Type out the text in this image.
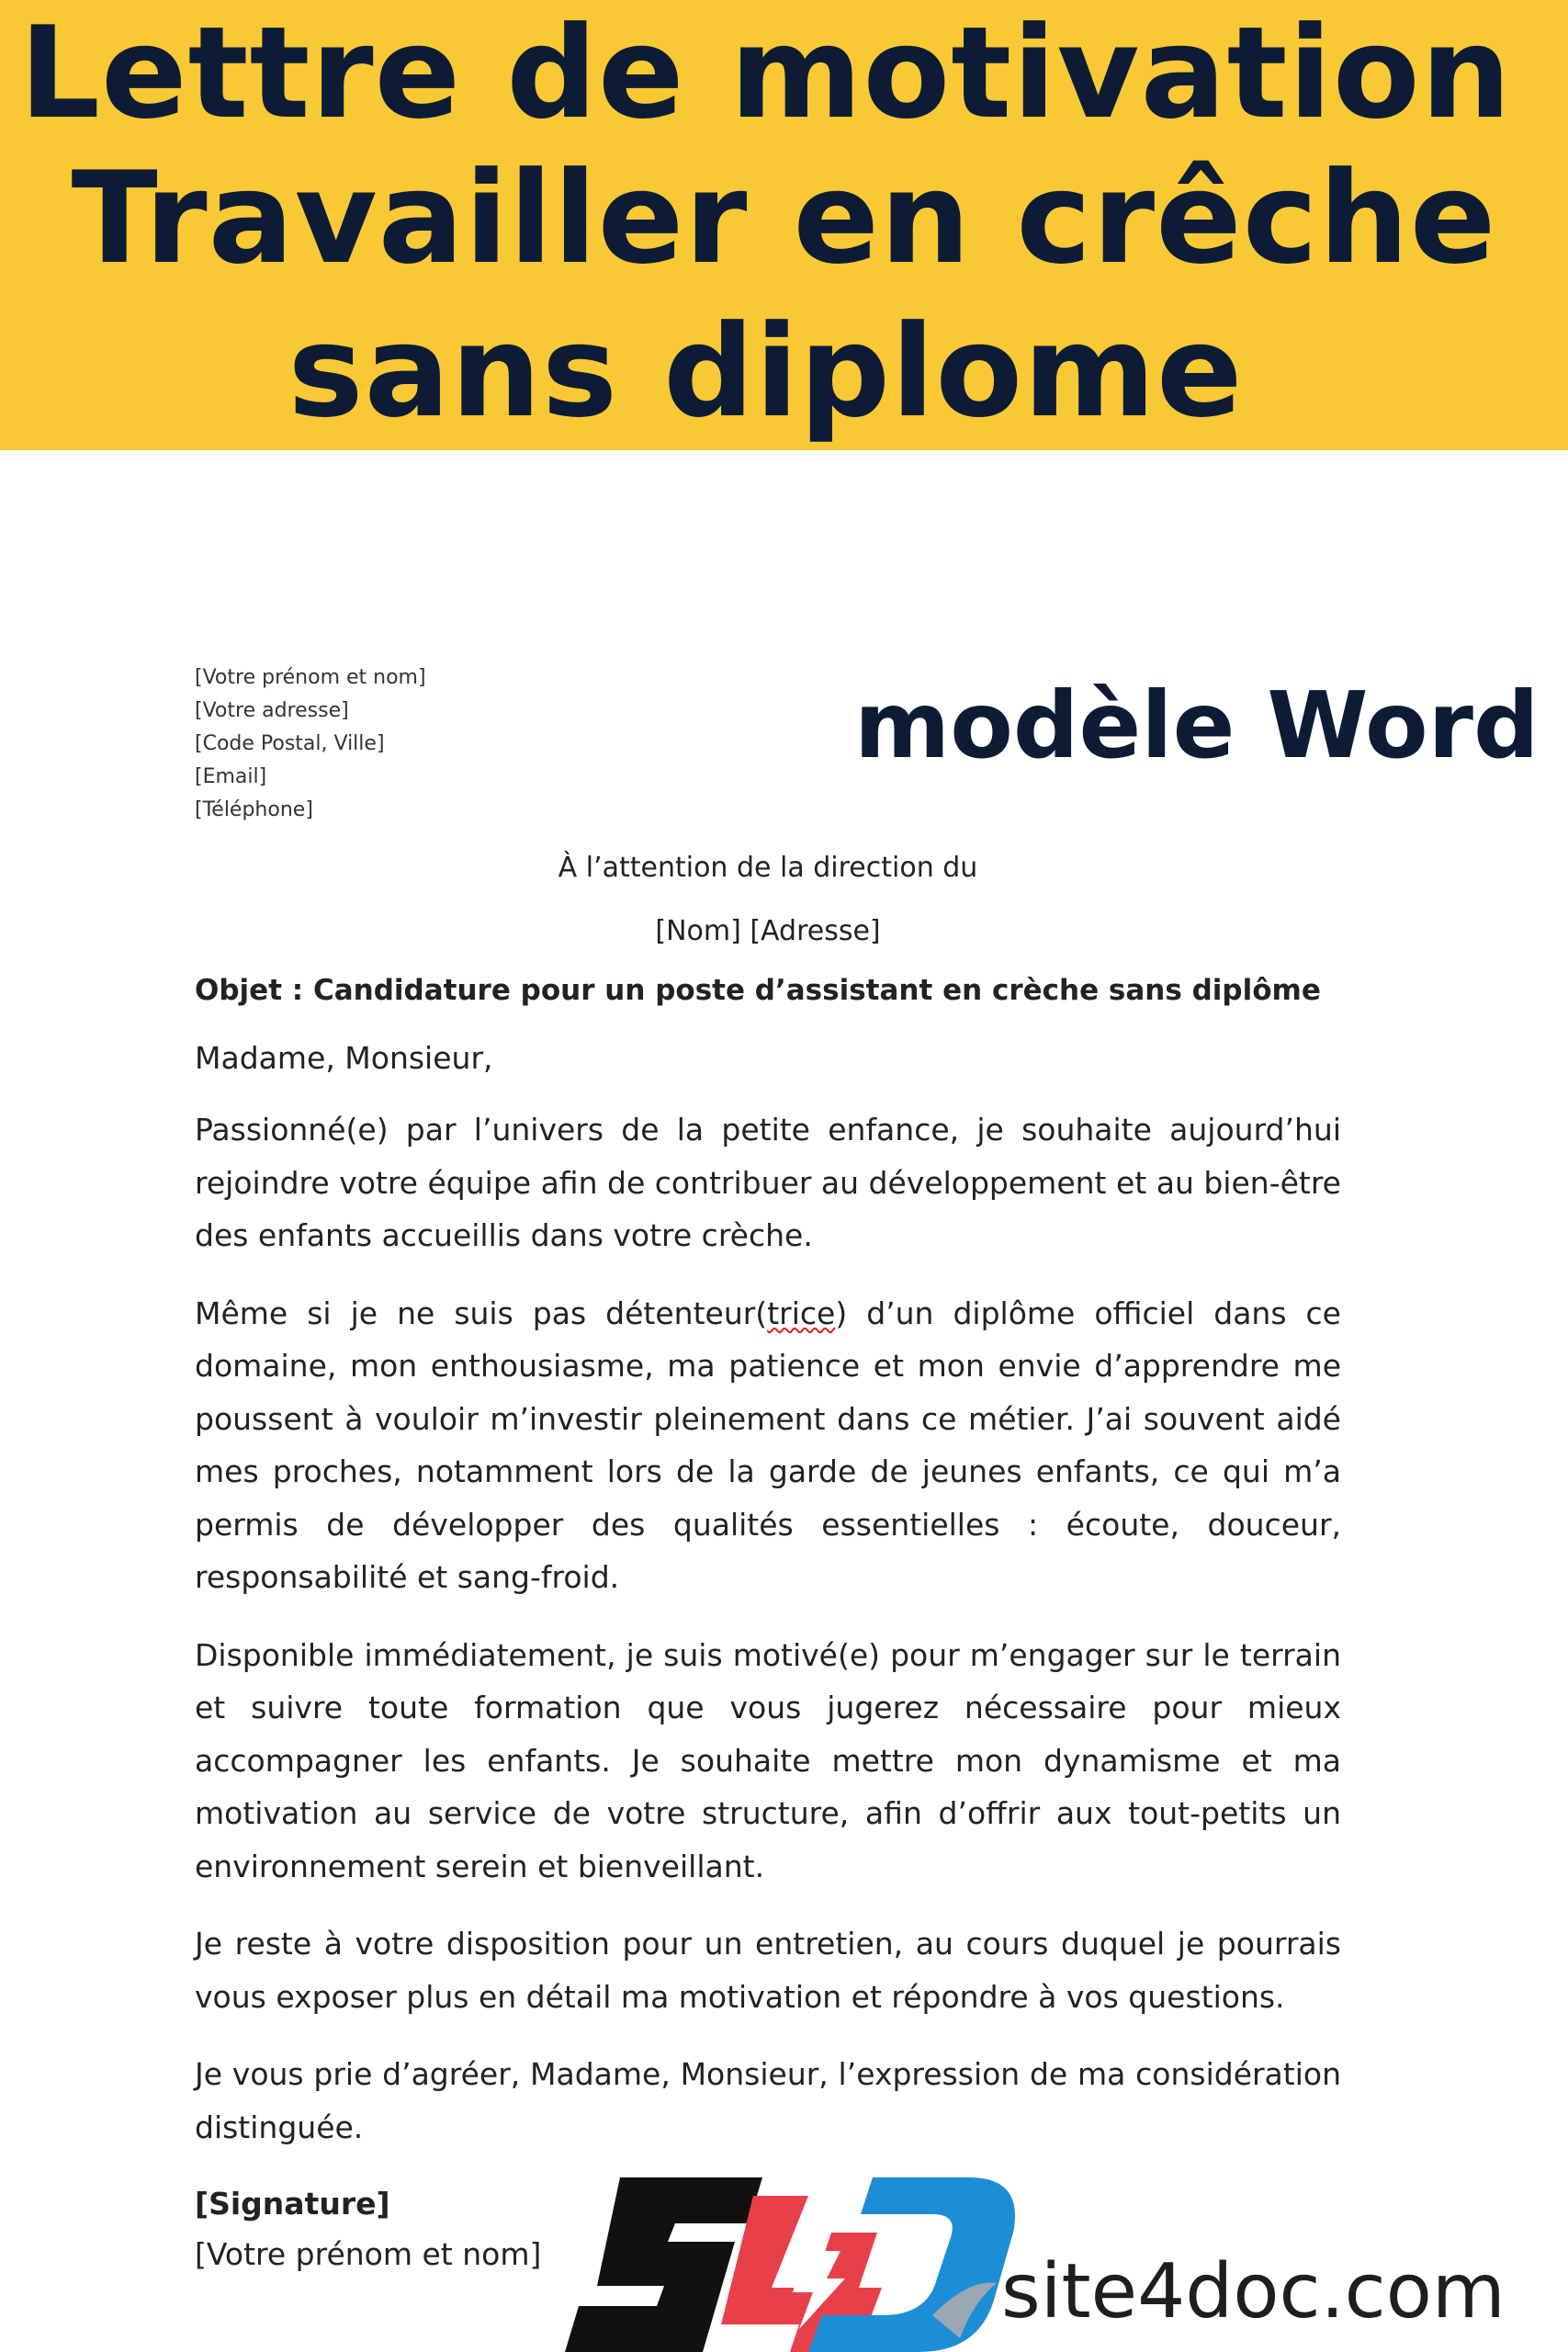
Lettre de motivation
Travailler en crêche
sans diplome
modèle Word
[Votre prénom et nom]
[Votre adresse]
[Code Postal, Ville]
[Email]
[Téléphone]
À l’attention de la direction du
[Nom] [Adresse]
Objet : Candidature pour un poste d’assistant en crèche sans diplôme
Madame, Monsieur,
Passionné(e) par l’univers de la petite enfance, je souhaite aujourd’hui rejoindre votre équipe afin de contribuer au développement et au bien-être des enfants accueillis dans votre crèche.
Même si je ne suis pas détenteur(trice) d’un diplôme officiel dans ce domaine, mon enthousiasme, ma patience et mon envie d’apprendre me poussent à vouloir m’investir pleinement dans ce métier. J’ai souvent aidé mes proches, notamment lors de la garde de jeunes enfants, ce qui m’a permis de développer des qualités essentielles : écoute, douceur, responsabilité et sang-froid.
Disponible immédiatement, je suis motivé(e) pour m’engager sur le terrain et suivre toute formation que vous jugerez nécessaire pour mieux accompagner les enfants. Je souhaite mettre mon dynamisme et ma motivation au service de votre structure, afin d’offrir aux tout-petits un environnement serein et bienveillant.
Je reste à votre disposition pour un entretien, au cours duquel je pourrais vous exposer plus en détail ma motivation et répondre à vos questions.
Je vous prie d’agréer, Madame, Monsieur, l’expression de ma considération distinguée.
[Signature]
[Votre prénom et nom]	site4doc.com
